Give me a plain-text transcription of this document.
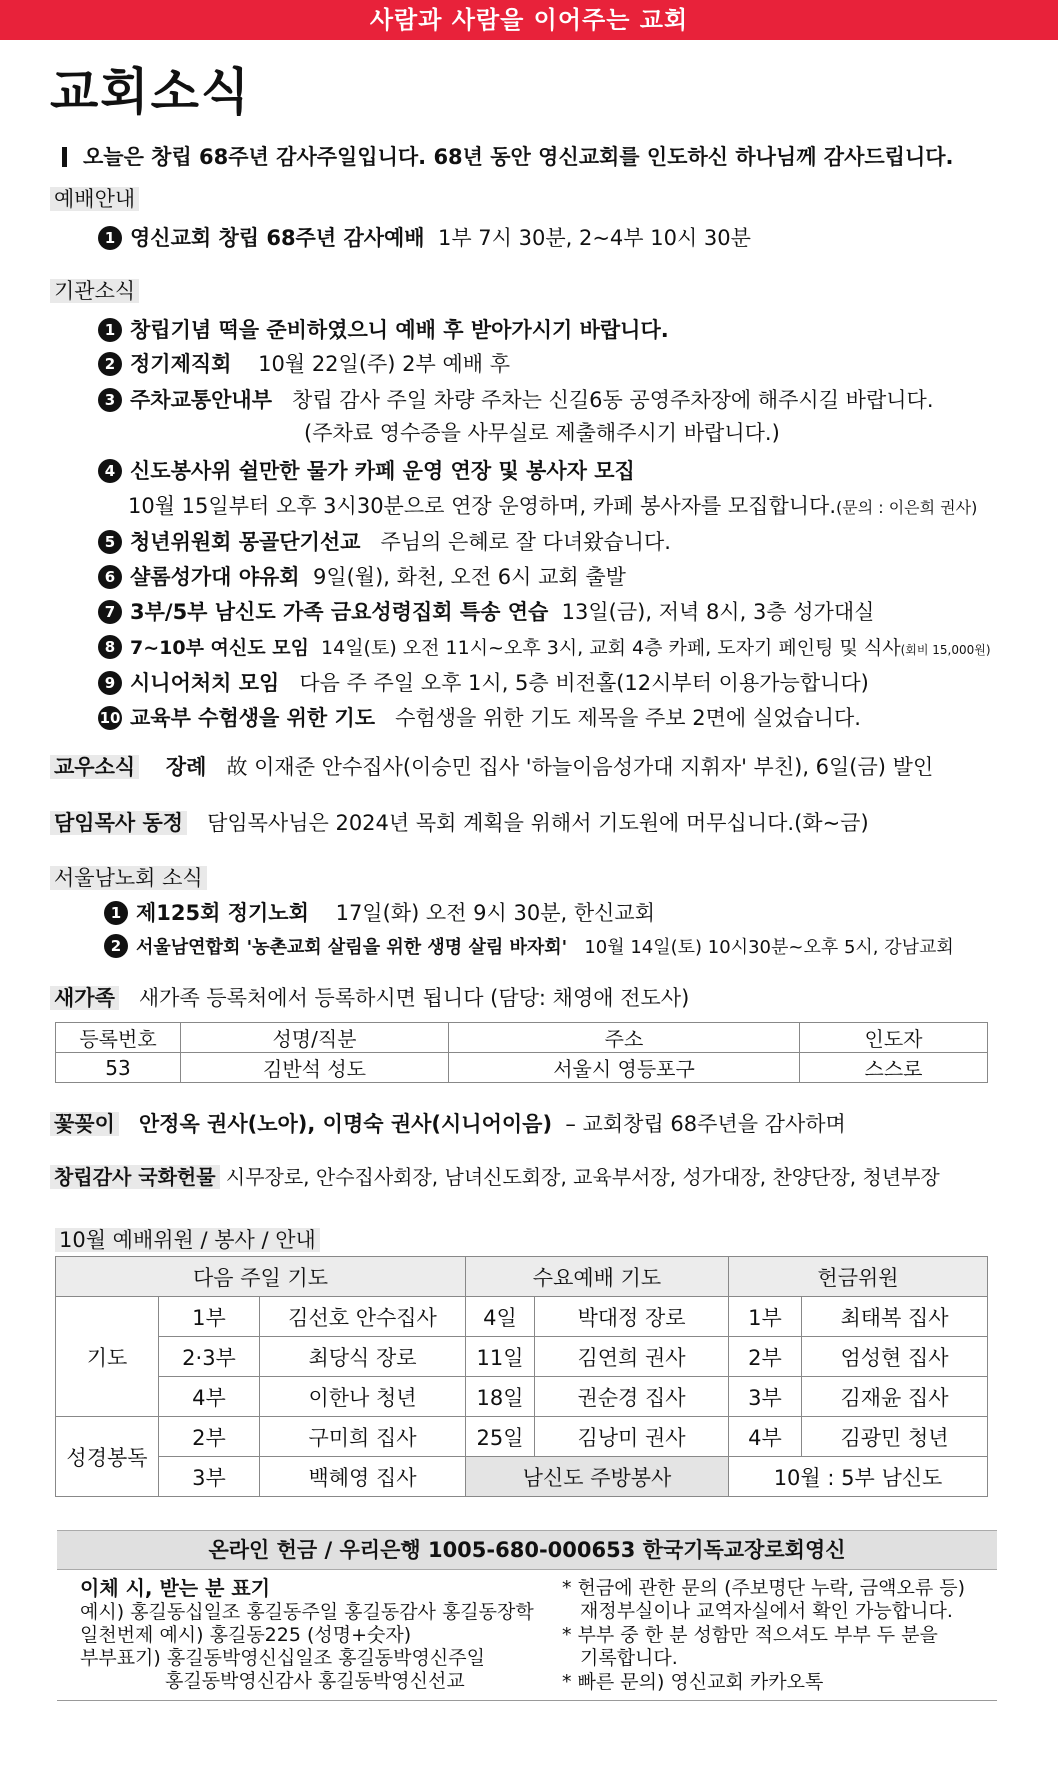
사람과 사람을 이어주는 교회
교회소식
오늘은 창립 68주년 감사주일입니다. 68년 동안 영신교회를 인도하신 하나님께 감사드립니다.
예배안내
1 영신교회 창립 68주년 감사예배 1부 7시 30분, 2~4부 10시 30분
기관소식
1 창립기념 떡을 준비하였으니 예배 후 받아가시기 바랍니다.
2 정기제직회 10월 22일(주) 2부 예배 후
3 주차교통안내부 창립 감사 주일 차량 주차는 신길6동 공영주차장에 해주시길 바랍니다.
(주차료 영수증을 사무실로 제출해주시기 바랍니다.)
4 신도봉사위 쉴만한 물가 카페 운영 연장 및 봉사자 모집
10월 15일부터 오후 3시30분으로 연장 운영하며, 카페 봉사자를 모집합니다.(문의 : 이은희 권사)
5 청년위원회 몽골단기선교 주님의 은혜로 잘 다녀왔습니다.
6 샬롬성가대 야유회 9일(월), 화천, 오전 6시 교회 출발
7 3부/5부 남신도 가족 금요성령집회 특송 연습 13일(금), 저녁 8시, 3층 성가대실
8 7~10부 여신도 모임 14일(토) 오전 11시~오후 3시, 교회 4층 카페, 도자기 페인팅 및 식사(회비 15,000원)
9 시니어처치 모임 다음 주 주일 오후 1시, 5층 비전홀(12시부터 이용가능합니다)
10 교육부 수험생을 위한 기도 수험생을 위한 기도 제목을 주보 2면에 실었습니다.
교우소식 장례 故 이재준 안수집사(이승민 집사 '하늘이음성가대 지휘자' 부친), 6일(금) 발인
담임목사 동정 담임목사님은 2024년 목회 계획을 위해서 기도원에 머무십니다.(화~금)
서울남노회 소식
1 제125회 정기노회 17일(화) 오전 9시 30분, 한신교회
2 서울남연합회 '농촌교회 살림을 위한 생명 살림 바자회' 10월 14일(토) 10시30분~오후 5시, 강남교회
새가족 새가족 등록처에서 등록하시면 됩니다 (담당: 채영애 전도사)
등록번호	성명/직분	주소	인도자
53	김반석 성도	서울시 영등포구	스스로
꽃꽂이 안정옥 권사(노아), 이명숙 권사(시니어이음) – 교회창립 68주년을 감사하며
창립감사 국화헌물 시무장로, 안수집사회장, 남녀신도회장, 교육부서장, 성가대장, 찬양단장, 청년부장
10월 예배위원 / 봉사 / 안내
다음 주일 기도			수요예배 기도		헌금위원	
기도	1부	김선호 안수집사	4일	박대정 장로	1부	최태복 집사
	2·3부	최당식 장로	11일	김연희 권사	2부	엄성현 집사
	4부	이한나 청년	18일	권순경 집사	3부	김재윤 집사
성경봉독	2부	구미희 집사	25일	김낭미 권사	4부	김광민 청년
	3부	백혜영 집사	남신도 주방봉사		10월 : 5부 남신도	
온라인 헌금 / 우리은행 1005-680-000653 한국기독교장로회영신
이체 시, 받는 분 표기
예시) 홍길동십일조 홍길동주일 홍길동감사 홍길동장학
일천번제 예시) 홍길동225 (성명+숫자)
부부표기) 홍길동박영신십일조 홍길동박영신주일
홍길동박영신감사 홍길동박영신선교
* 헌금에 관한 문의 (주보명단 누락, 금액오류 등)
재정부실이나 교역자실에서 확인 가능합니다.
* 부부 중 한 분 성함만 적으셔도 부부 두 분을
기록합니다.
* 빠른 문의) 영신교회 카카오톡
